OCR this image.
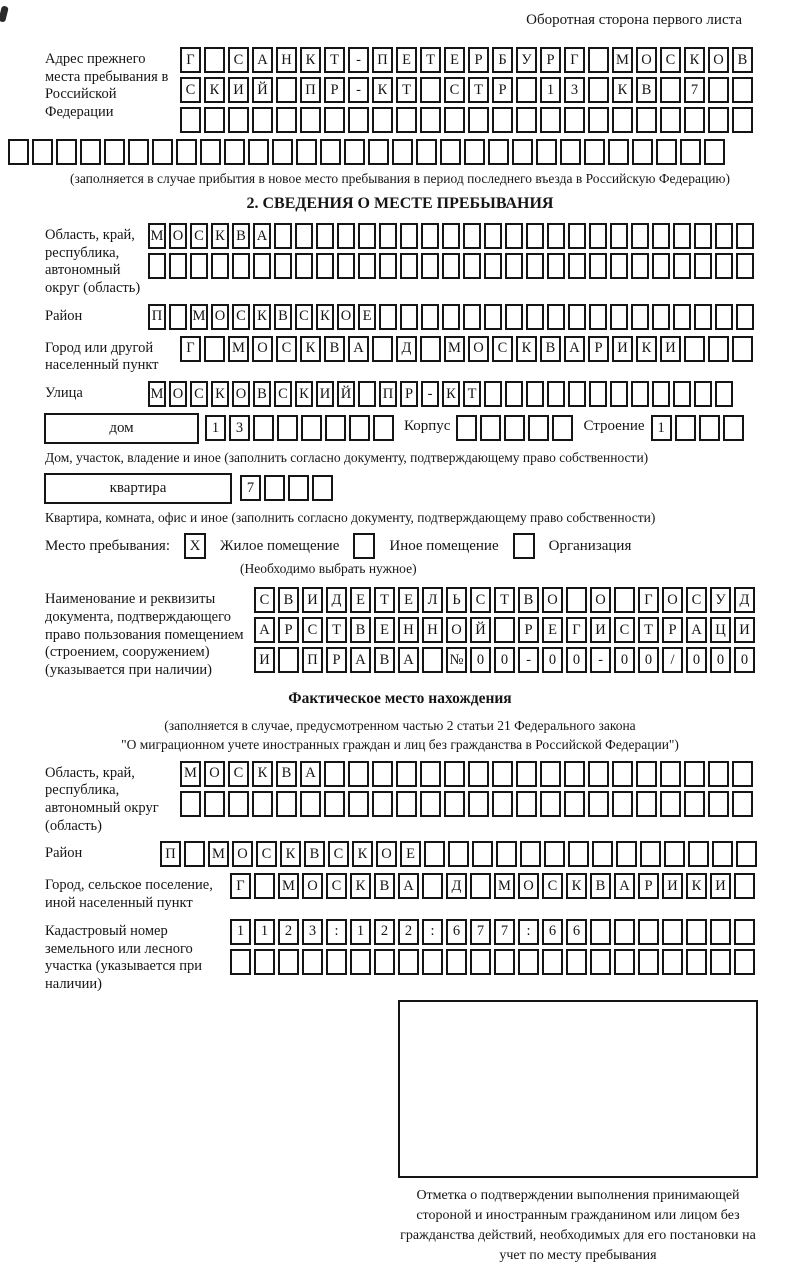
Оборотная сторона первого листа
Адрес прежнего места пребывания в Российской Федерации
Г	С А Н К	Т	-	П Е	Т	Е	Р	Б	У	Р	Г	М О С К О В
С К И Й	П	Р	-	К	Т	С	Т	Р	1	3	К В	7
(заполняется в случае прибытия в новое место пребывания в период последнего въезда в Российскую Федерацию)
2. СВЕДЕНИЯ О МЕСТЕ ПРЕБЫВАНИЯ
Область, край, республика, автономный округ (область)
М О С К В А
Район	П М О С К В С К О Е
Город или другой населенный пункт
Г	М О С К В А	Д	М О С К В А	Р	И К И
Улица	М О С К О В С К И Й П Р	- К Т
дом	1	3	Корпус	Строение 1
Дом, участок, владение и иное (заполнить согласно документу, подтверждающему право собственности)
квартира	7
Квартира, комната, офис и иное (заполнить согласно документу, подтверждающему право собственности)
Место пребывания:	X	Жилое помещение	Иное помещение	Организация
(Необходимо выбрать нужное)
Наименование и реквизиты документа, подтверждающего право пользования помещением (строением, сооружением) (указывается при наличии)
С В И Д	Е	Т	Е	Л	Ь	С	Т	В О	О	Г	О С У Д
А	Р	С	Т	В	Е Н Н О Й	Р	Е	Г	И С	Т	Р	А Ц И
И	П	Р	А В А	№ 0	0	-	0	0	-	0	0	/	0	0	0
Фактическое место нахождения
(заполняется в случае, предусмотренном частью 2 статьи 21 Федерального закона
"О миграционном учете иностранных граждан и лиц без гражданства в Российской Федерации")
Область, край, республика, автономный округ (область)
М О С К В А
Район	П	М О С К В С К О Е
Город, сельское поселение, иной населенный пункт
Г	М О С К В А	Д	М О С К В А	Р	И К И
Кадастровый номер земельного или лесного участка (указывается при наличии)
1	1	2	3	:	1	2	2	:	6	7	7	:	6	6
Отметка о подтверждении выполнения принимающей стороной и иностранным гражданином или лицом без гражданства действий, необходимых для его постановки на учет по месту пребывания
